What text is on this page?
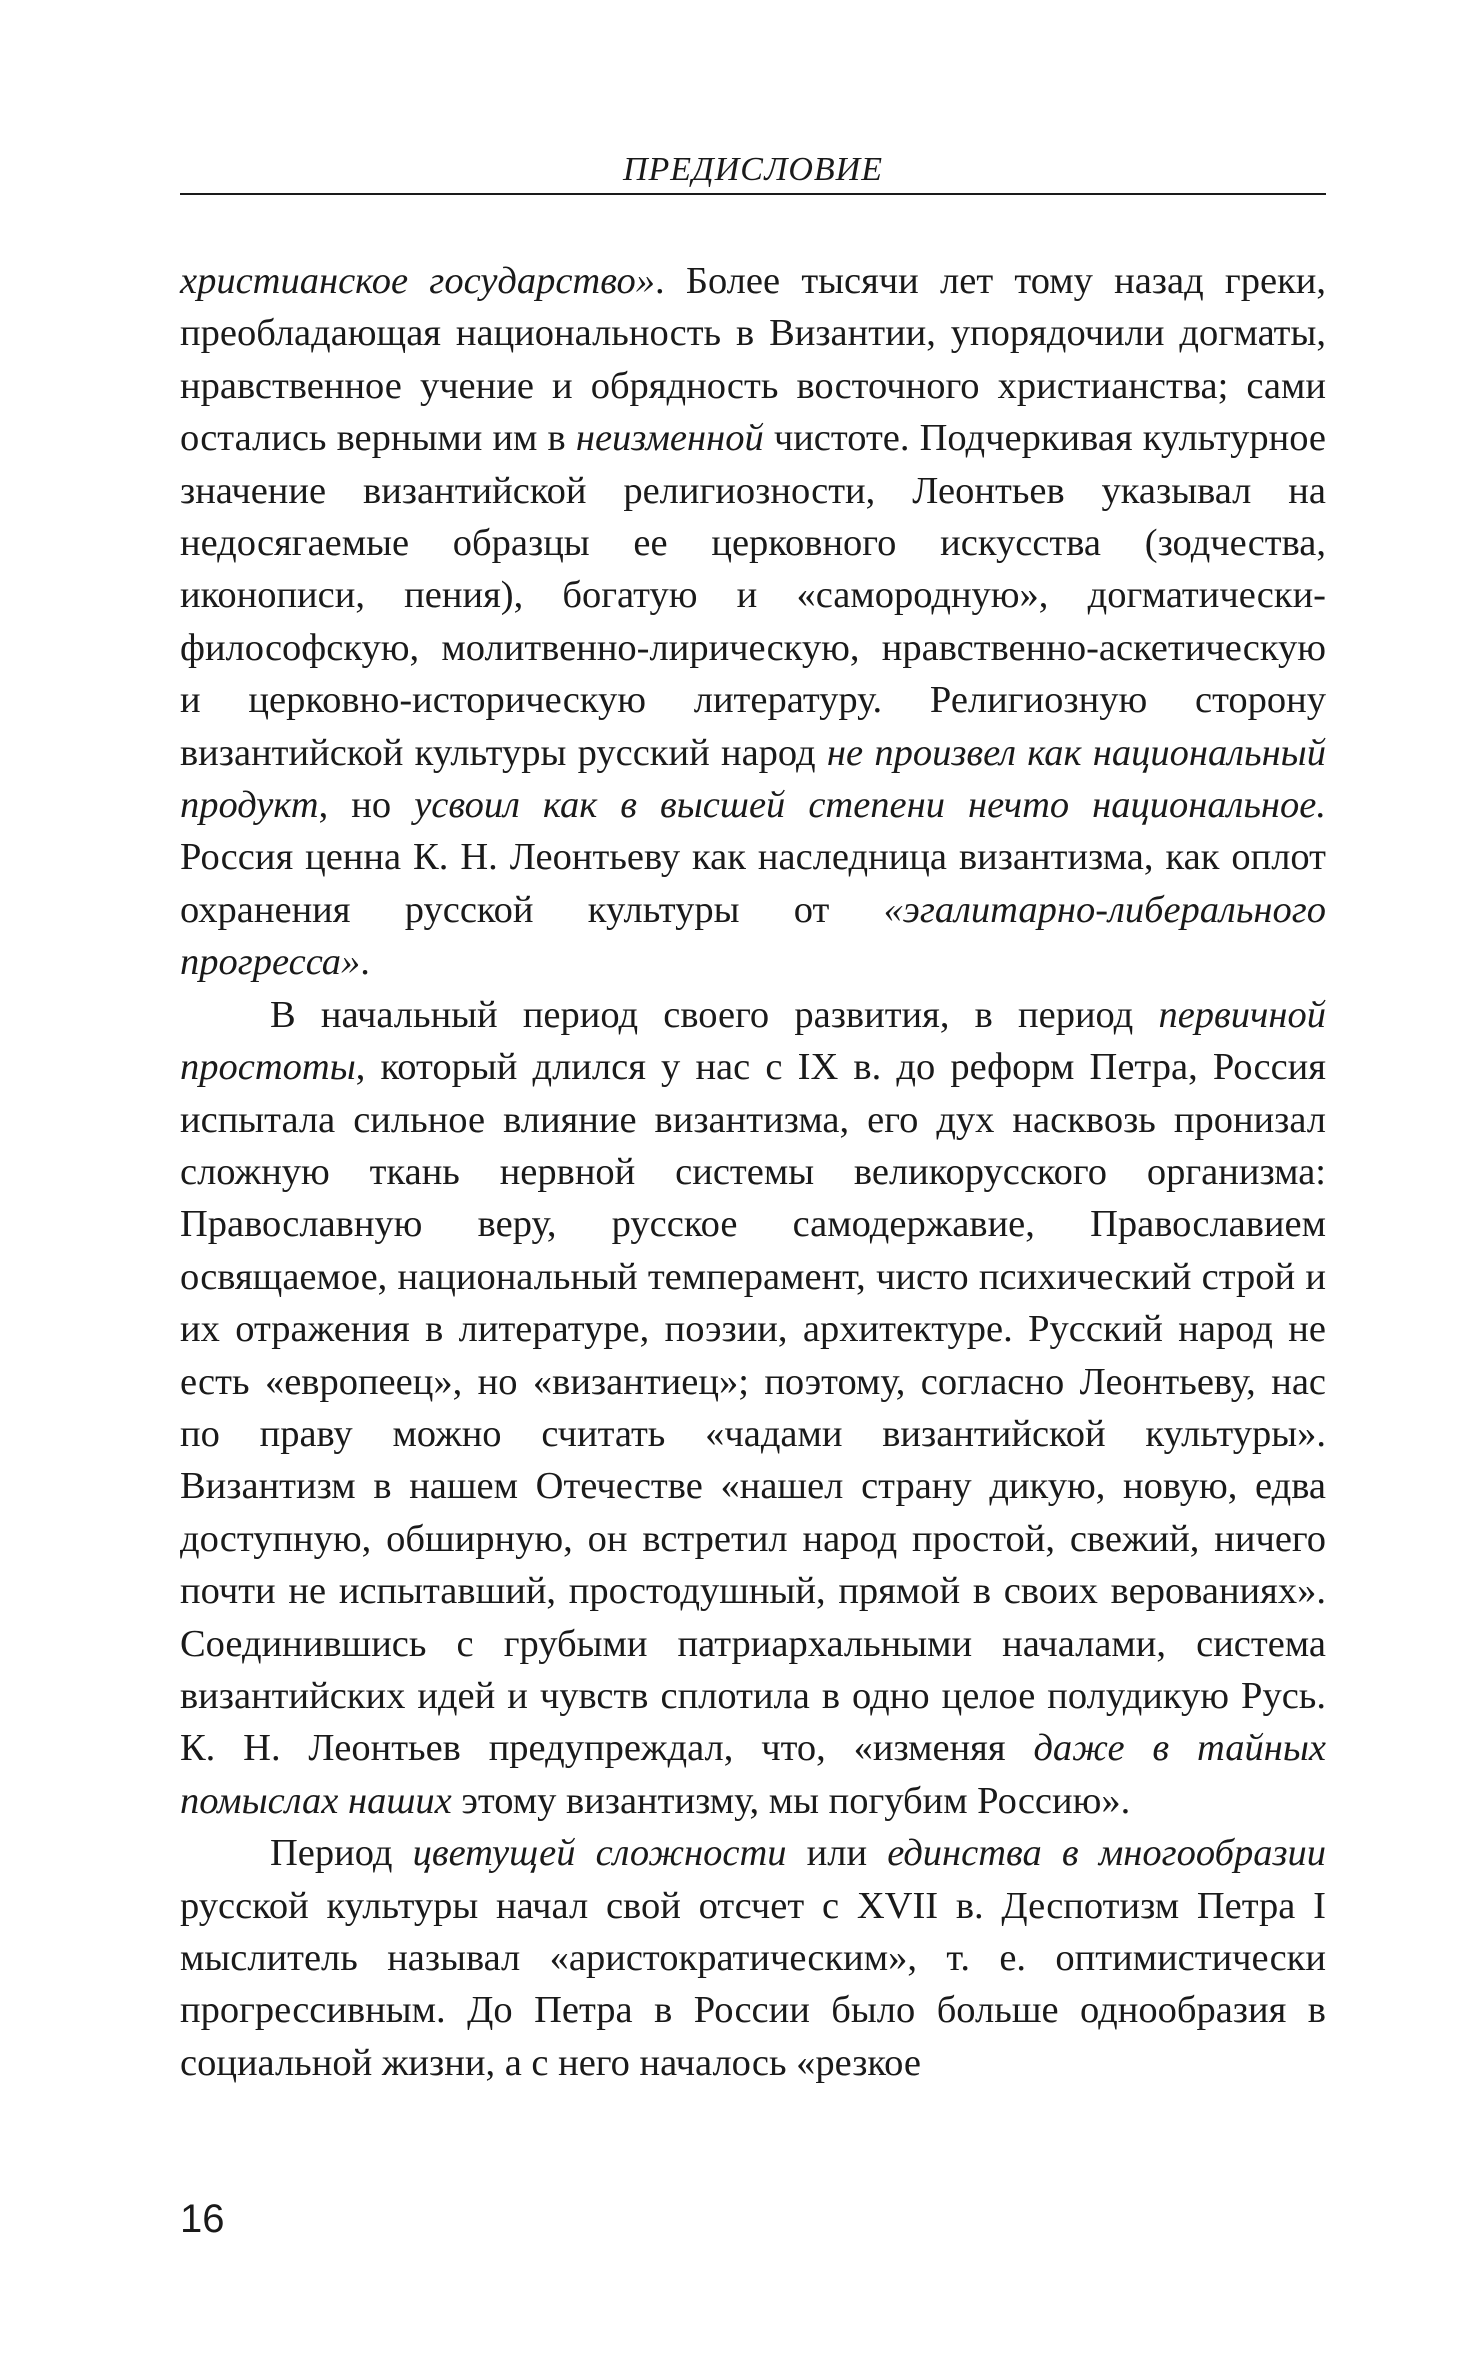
ПРЕДИСЛОВИЕ

христианское государство». Более тысячи лет тому назад греки, преобладающая национальность в Византии, упорядочили догматы, нравственное учение и обрядность восточного христианства; сами остались верными им в неизменной чистоте. Подчеркивая культурное значение византийской религиозности, Леонтьев указывал на недосягаемые образцы ее церковного искусства (зодчества, иконописи, пения), богатую и «самородную», догматически-философскую, молитвенно-лирическую, нравственно-аскетическую и церковно-историческую литературу. Религиозную сторону византийской культуры русский народ не произвел как национальный продукт, но усвоил как в высшей степени нечто национальное. Россия ценна К. Н. Леонтьеву как наследница византизма, как оплот охранения русской культуры от «эгалитарно-либерального прогресса».

В начальный период своего развития, в период первичной простоты, который длился у нас с IX в. до реформ Петра, Россия испытала сильное влияние византизма, его дух насквозь пронизал сложную ткань нервной системы великорусского организма: Православную веру, русское самодержавие, Православием освящаемое, национальный темперамент, чисто психический строй и их отражения в литературе, поэзии, архитектуре. Русский народ не есть «европеец», но «византиец»; поэтому, согласно Леонтьеву, нас по праву можно считать «чадами византийской культуры». Византизм в нашем Отечестве «нашел страну дикую, новую, едва доступную, обширную, он встретил народ простой, свежий, ничего почти не испытавший, простодушный, прямой в своих верованиях». Соединившись с грубыми патриархальными началами, система византийских идей и чувств сплотила в одно целое полудикую Русь. К. Н. Леонтьев предупреждал, что, «изменяя даже в тайных помыслах наших этому византизму, мы погубим Россию».

Период цветущей сложности или единства в многообразии русской культуры начал свой отсчет с XVII в. Деспотизм Петра I мыслитель называл «аристократическим», т. е. оптимистически прогрессивным. До Петра в России было больше однообразия в социальной жизни, а с него началось «резкое

16
